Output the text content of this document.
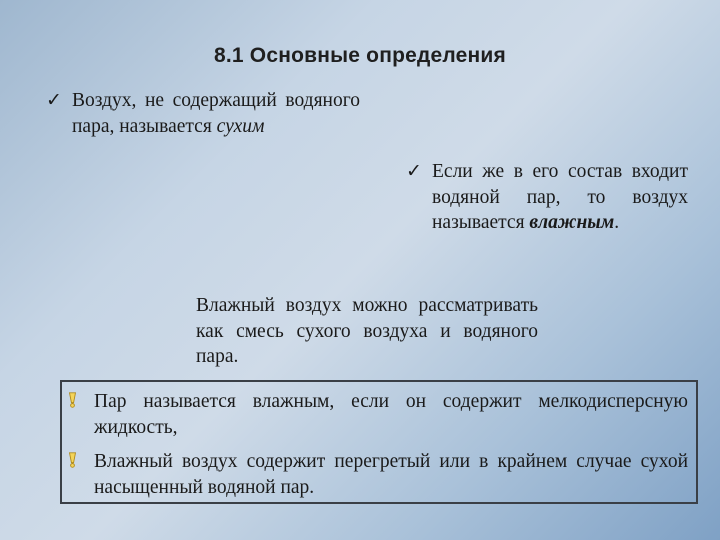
8.1 Основные определения
✓ Воздух, не содержащий водяного пара, называется сухим
✓ Если же в его состав входит водяной пар, то воздух называется влажным.
Влажный воздух можно рассматривать как смесь сухого воздуха и водяного пара.
Пар называется влажным, если он содержит мелкодисперсную жидкость,
Влажный воздух содержит перегретый или в крайнем случае сухой насыщенный водяной пар.
